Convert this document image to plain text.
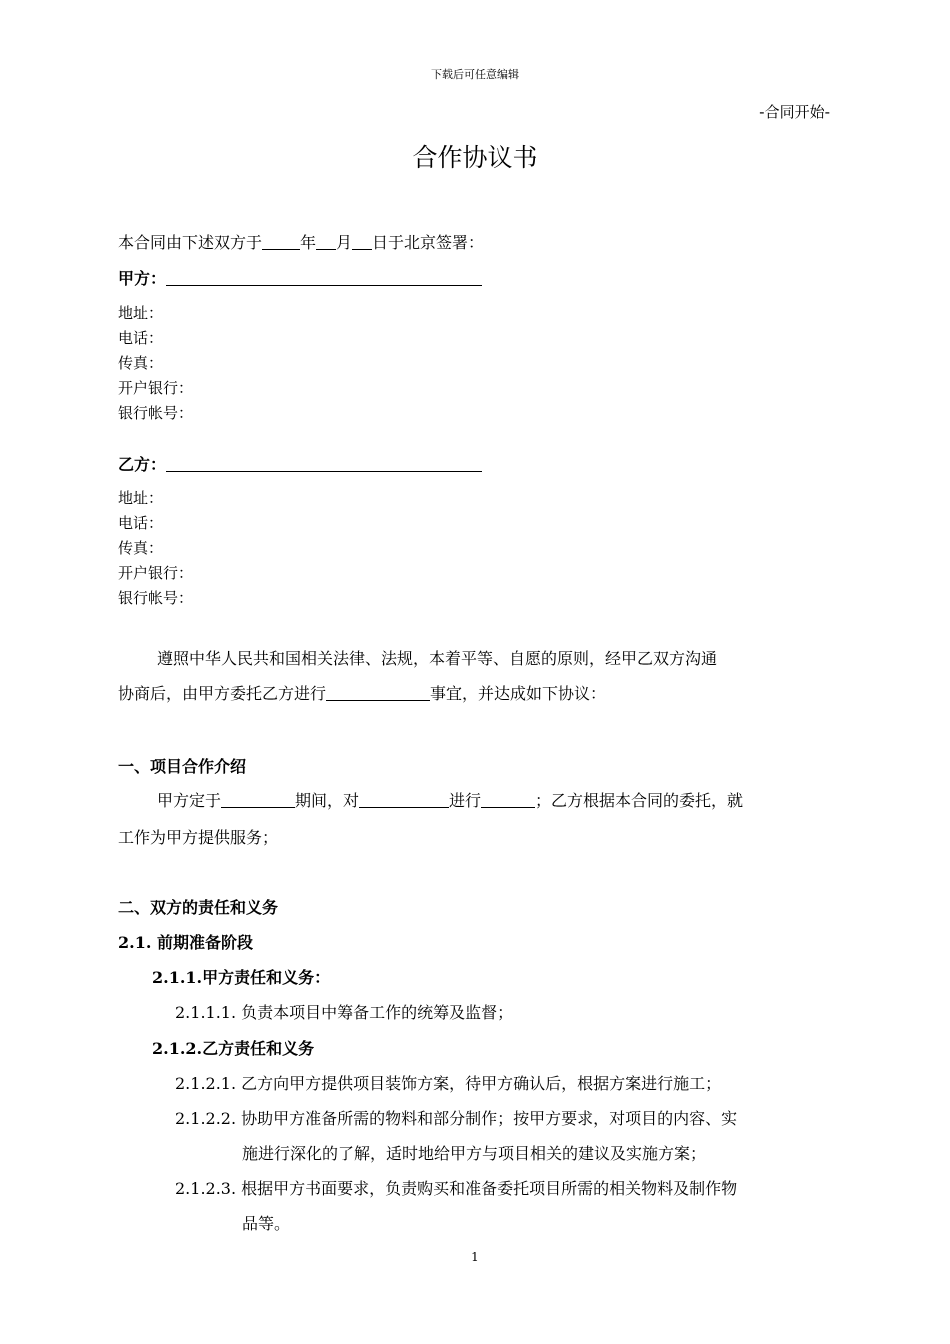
下载后可任意编辑
-合同开始-
合作协议书
本合同由下述双方于 年 月 日于北京签署：
甲方：
地址：
电话：
传真：
开户银行：
银行帐号：
乙方：
地址：
电话：
传真：
开户银行：
银行帐号：
遵照中华人民共和国相关法律、法规，本着平等、自愿的原则，经甲乙双方沟通
协商后，由甲方委托乙方进行	事宜，并达成如下协议：
一、项目合作介绍
甲方定于	期间，对	进行	；乙方根据本合同的委托，就
工作为甲方提供服务；
二、双方的责任和义务
2.1. 前期准备阶段
2.1.1.甲方责任和义务：
2.1.1.1. 负责本项目中筹备工作的统筹及监督；
2.1.2.乙方责任和义务
2.1.2.1. 乙方向甲方提供项目装饰方案，待甲方确认后，根据方案进行施工；
2.1.2.2. 协助甲方准备所需的物料和部分制作；按甲方要求，对项目的内容、实
施进行深化的了解，适时地给甲方与项目相关的建议及实施方案；
2.1.2.3. 根据甲方书面要求，负责购买和准备委托项目所需的相关物料及制作物
品等。
1
